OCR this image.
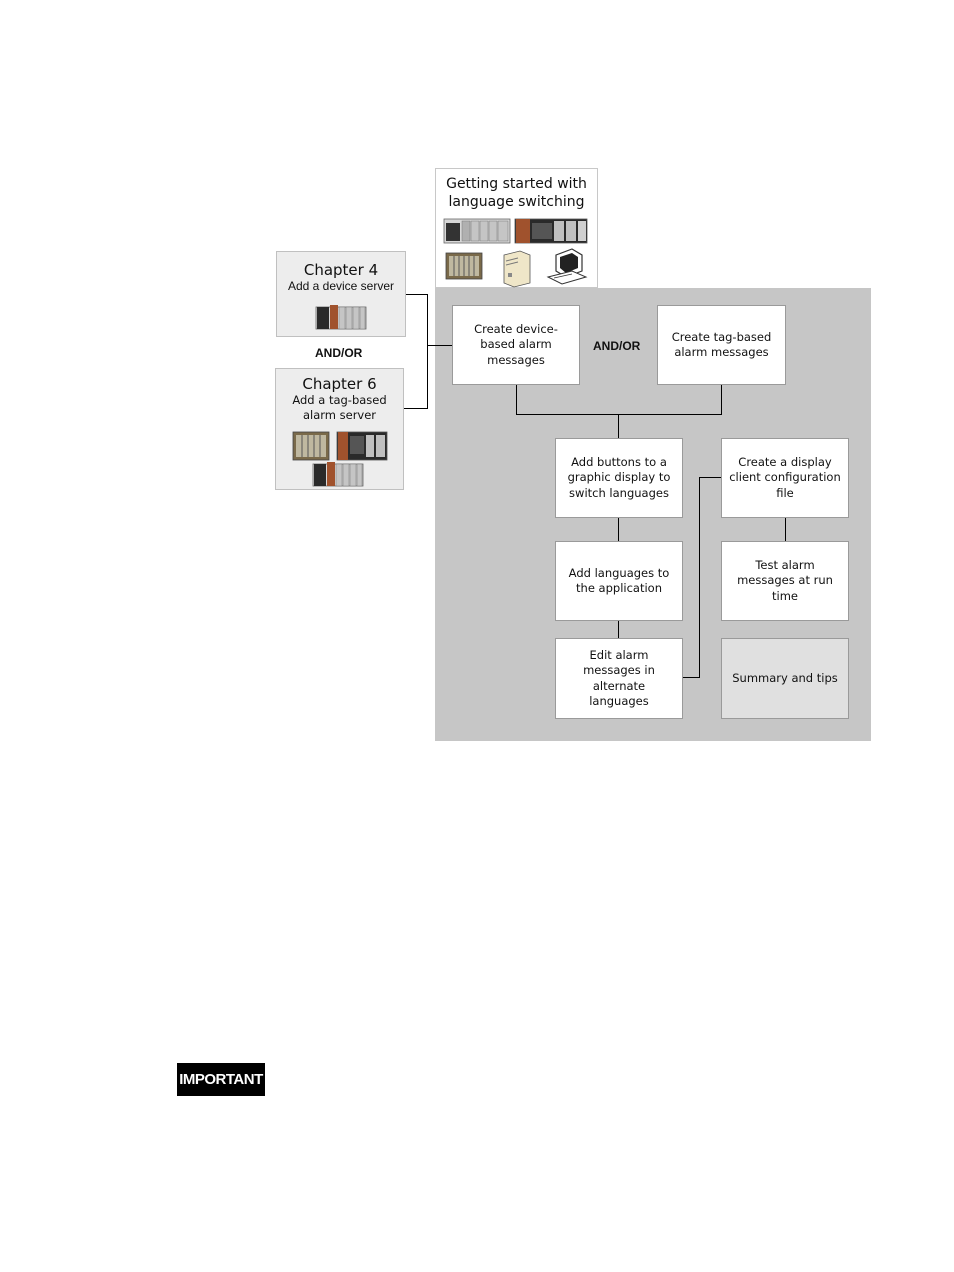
Getting started with
language switching
Chapter 4
Add a device server
AND/OR
Chapter 6
Add a tag-based
alarm server
Create device-based alarm messages
AND/OR
Create tag-based alarm messages
Add buttons to a graphic display to switch languages
Add languages to the application
Edit alarm messages in alternate languages
Create a display client configuration file
Test alarm messages at run time
Summary and tips
IMPORTANT
